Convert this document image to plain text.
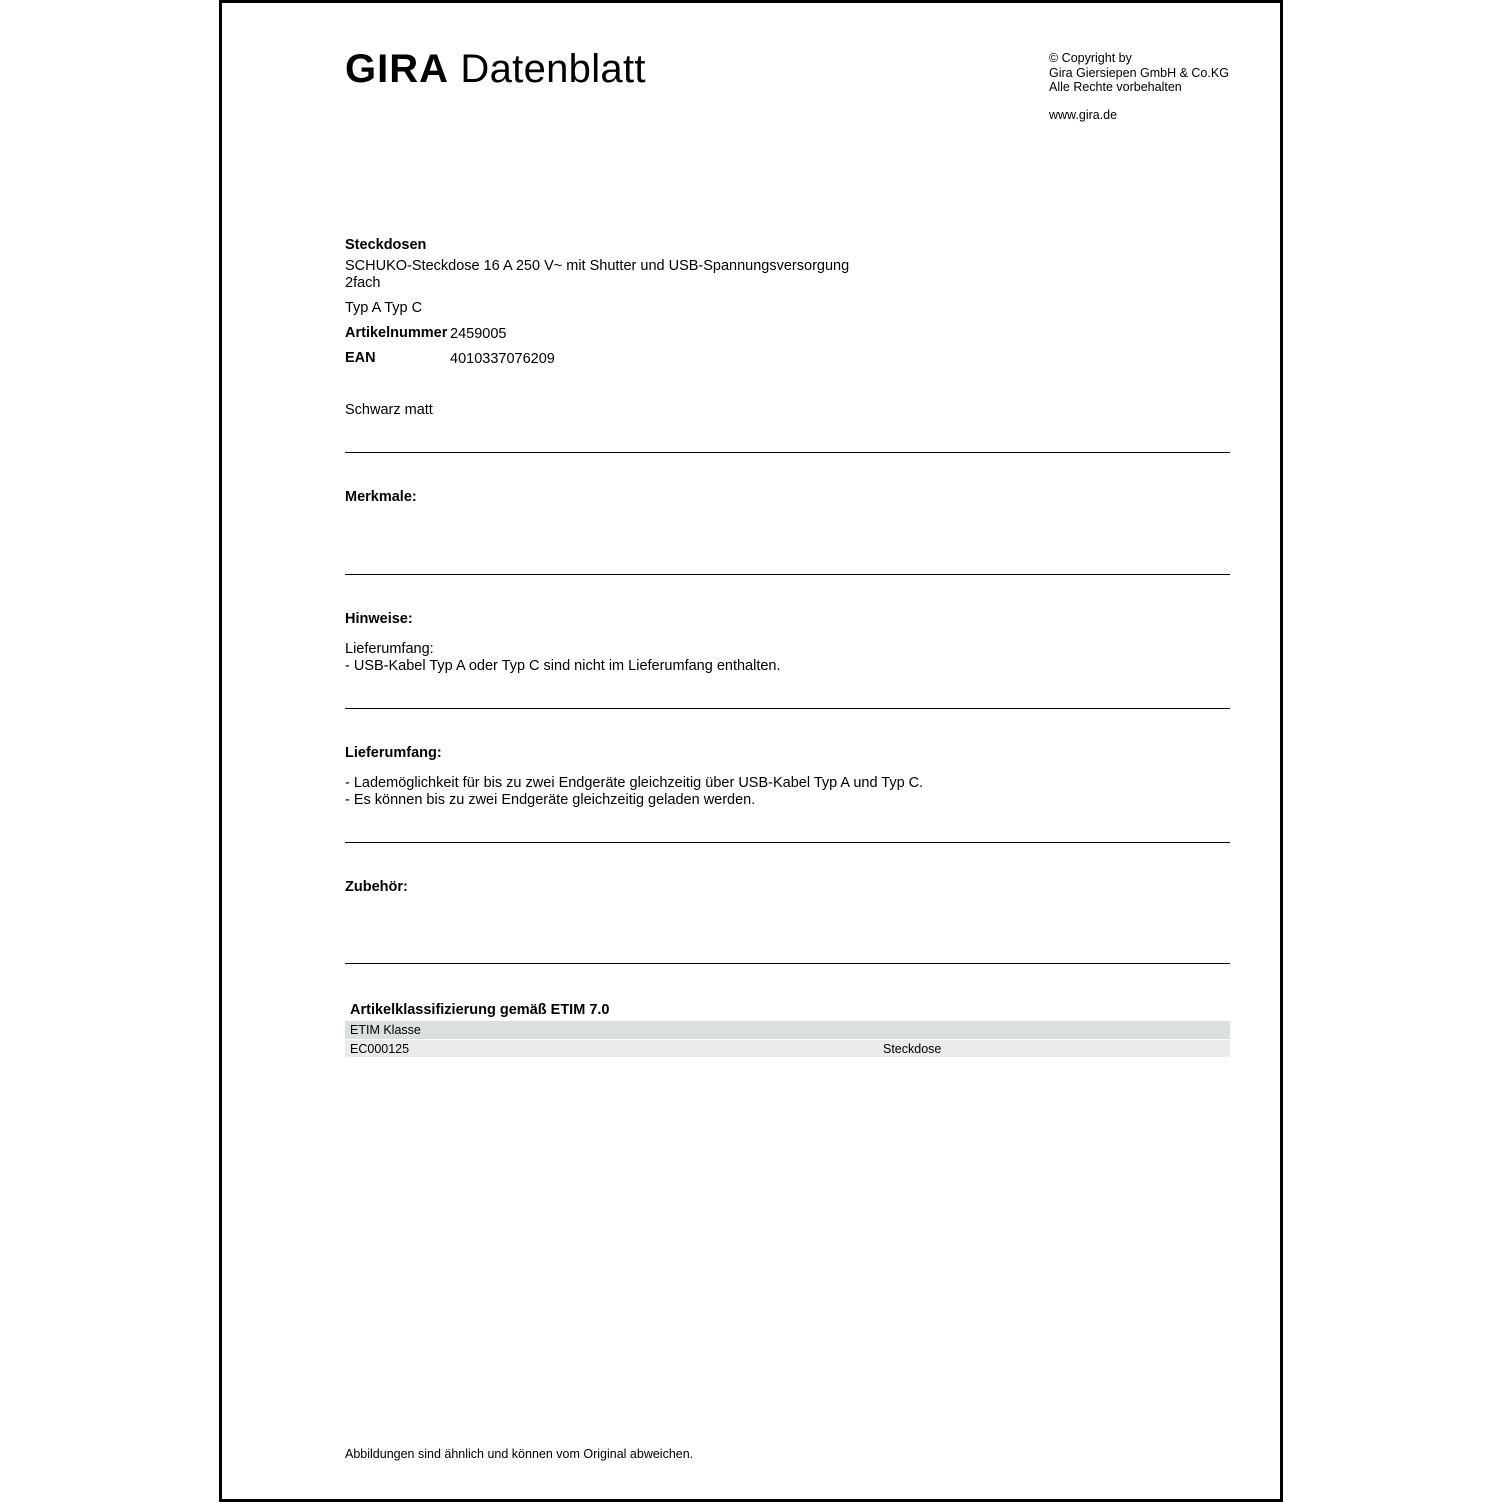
GIRA Datenblatt	© Copyright by
Gira Giersiepen GmbH & Co.KG
Alle Rechte vorbehalten
www.gira.de
Steckdosen
SCHUKO-Steckdose 16 A 250 V~ mit Shutter und USB-Spannungsversorgung
2fach
Typ A Typ C
Artikelnummer 2459005
EAN	4010337076209
Schwarz matt
Merkmale:
Hinweise:
Lieferumfang:
- USB-Kabel Typ A oder Typ C sind nicht im Lieferumfang enthalten.
Lieferumfang:
- Lademöglichkeit für bis zu zwei Endgeräte gleichzeitig über USB-Kabel Typ A und Typ C.
- Es können bis zu zwei Endgeräte gleichzeitig geladen werden.
Zubehör:
Artikelklassifizierung gemäß ETIM 7.0
ETIM Klasse
EC000125	Steckdose
Abbildungen sind ähnlich und können vom Original abweichen.
